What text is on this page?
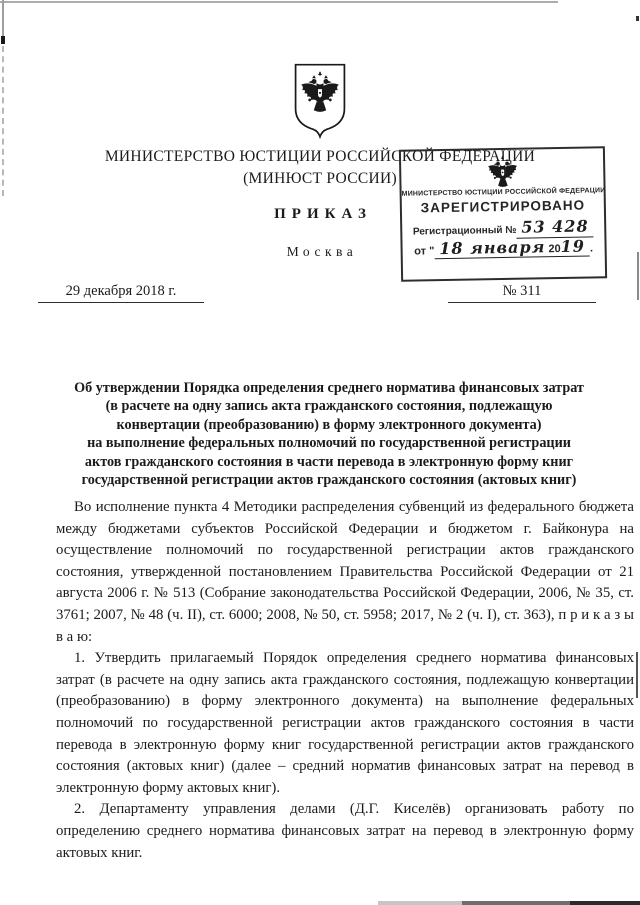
МИНИСТЕРСТВО ЮСТИЦИИ РОССИЙСКОЙ ФЕДЕРАЦИИ
(МИНЮСТ РОССИИ)
ПРИКАЗ
Москва
29 декабря 2018 г.	№ 311
МИНИСТЕРСТВО ЮСТИЦИИ РОССИЙСКОЙ ФЕДЕРАЦИИ
ЗАРЕГИСТРИРОВАНО
Регистрационный № 53 428
от " 18 января 2019 .
Об утверждении Порядка определения среднего норматива финансовых затрат
(в расчете на одну запись акта гражданского состояния, подлежащую
конвертации (преобразованию) в форму электронного документа)
на выполнение федеральных полномочий по государственной регистрации
актов гражданского состояния в части перевода в электронную форму книг
государственной регистрации актов гражданского состояния (актовых книг)

Во исполнение пункта 4 Методики распределения субвенций из федерального бюджета между бюджетами субъектов Российской Федерации и бюджетом г. Байконура на осуществление полномочий по государственной регистрации актов гражданского состояния, утвержденной постановлением Правительства Российской Федерации от 21 августа 2006 г. № 513 (Собрание законодательства Российской Федерации, 2006, № 35, ст. 3761; 2007, № 48 (ч. II), ст. 6000; 2008, № 50, ст. 5958; 2017, № 2 (ч. I), ст. 363), п р и к а з ы в а ю:

1. Утвердить прилагаемый Порядок определения среднего норматива финансовых затрат (в расчете на одну запись акта гражданского состояния, подлежащую конвертации (преобразованию) в форму электронного документа) на выполнение федеральных полномочий по государственной регистрации актов гражданского состояния в части перевода в электронную форму книг государственной регистрации актов гражданского состояния (актовых книг) (далее – средний норматив финансовых затрат на перевод в электронную форму актовых книг).

2. Департаменту управления делами (Д.Г. Киселёв) организовать работу по определению среднего норматива финансовых затрат на перевод в электронную форму актовых книг.
